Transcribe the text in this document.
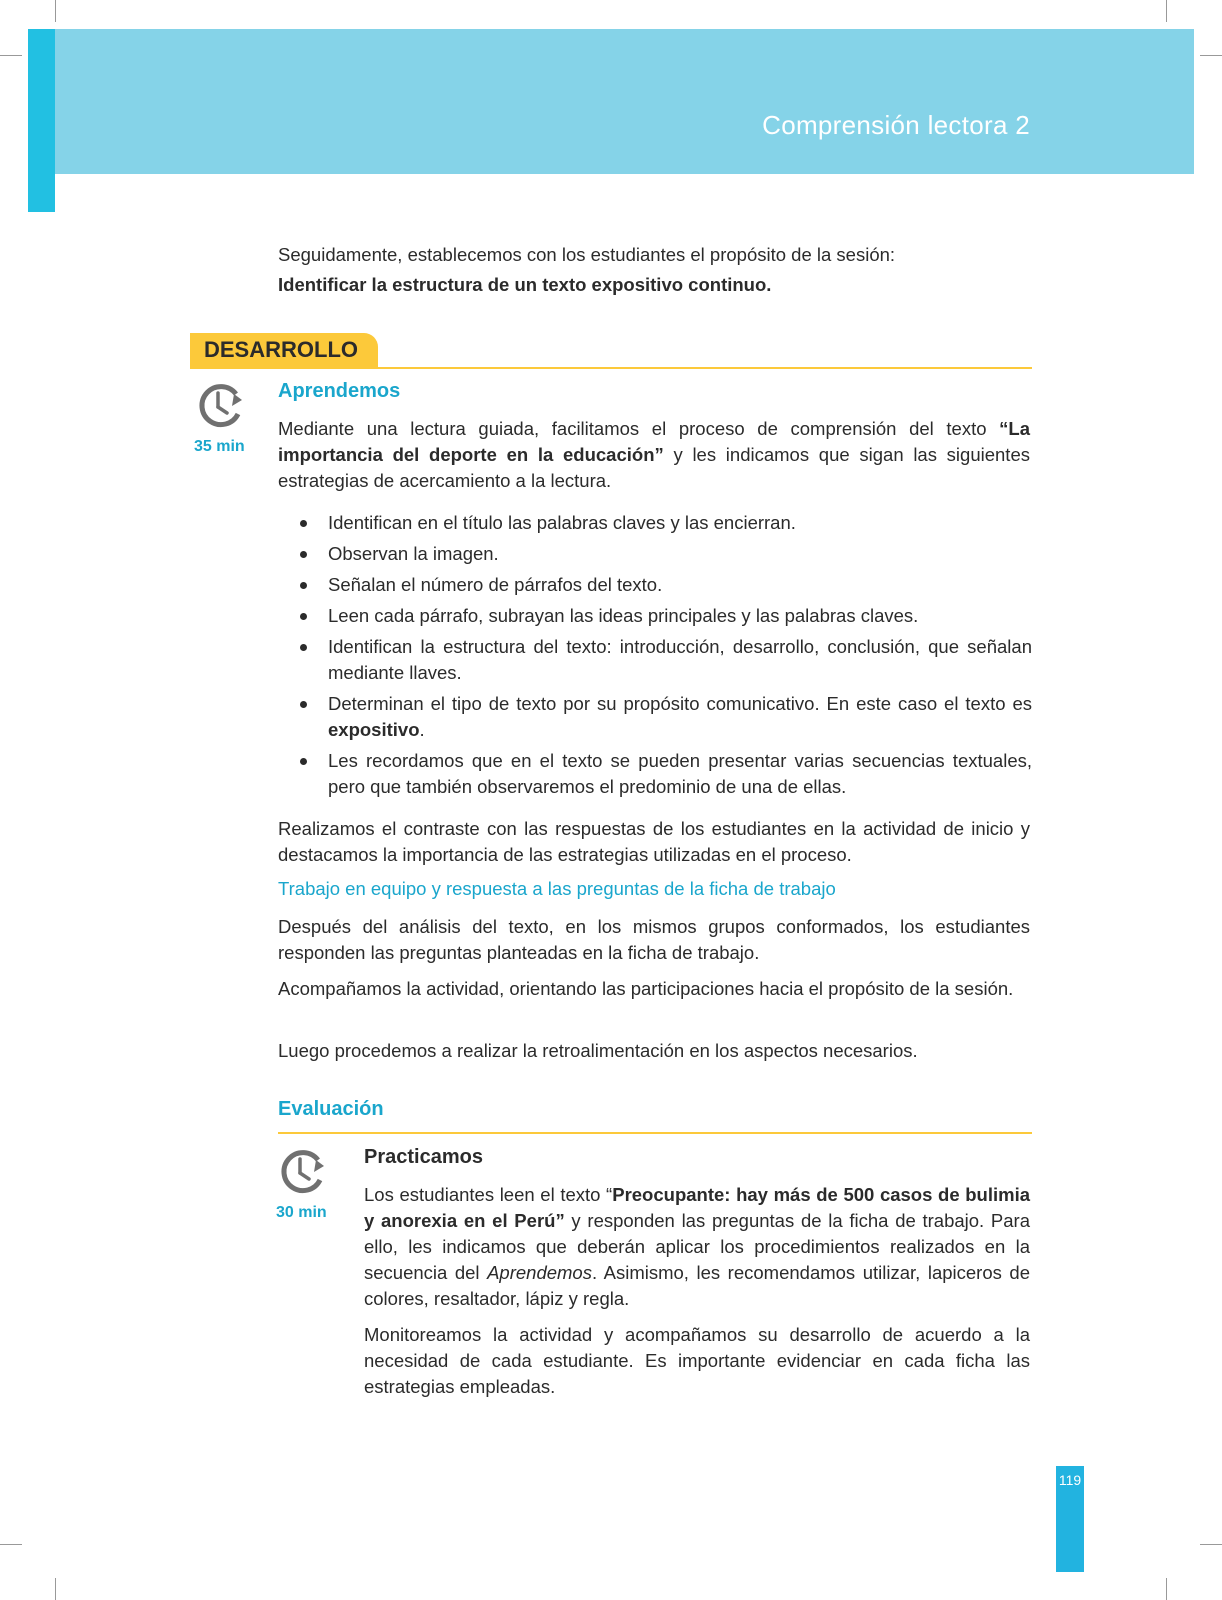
Comprensión lectora 2

Seguidamente, establecemos con los estudiantes el propósito de la sesión:

Identificar la estructura de un texto expositivo continuo.

DESARROLLO
35 min
Aprendemos

Mediante una lectura guiada, facilitamos el proceso de comprensión del texto “La importancia del deporte en la educación” y les indicamos que sigan las siguientes estrategias de acercamiento a la lectura.

Identifican en el título las palabras claves y las encierran.
Observan la imagen.
Señalan el número de párrafos del texto.
Leen cada párrafo, subrayan las ideas principales y las palabras claves.
Identifican la estructura del texto: introducción, desarrollo, conclusión, que señalan mediante llaves.
Determinan el tipo de texto por su propósito comunicativo. En este caso el texto es expositivo.
Les recordamos que en el texto se pueden presentar varias secuencias textuales, pero que también observaremos el predominio de una de ellas.

Realizamos el contraste con las respuestas de los estudiantes en la actividad de inicio y destacamos la importancia de las estrategias utilizadas en el proceso.

Trabajo en equipo y respuesta a las preguntas de la ficha de trabajo

Después del análisis del texto, en los mismos grupos conformados, los estudiantes responden las preguntas planteadas en la ficha de trabajo.

Acompañamos la actividad, orientando las participaciones hacia el propósito de la sesión.

Luego procedemos a realizar la retroalimentación en los aspectos necesarios.

Evaluación
30 min
Practicamos

Los estudiantes leen el texto “Preocupante: hay más de 500 casos de bulimia y anorexia en el Perú” y responden las preguntas de la ficha de trabajo. Para ello, les indicamos que deberán aplicar los procedimientos realizados en la secuencia del Aprendemos. Asimismo, les recomendamos utilizar, lapiceros de colores, resaltador, lápiz y regla.

Monitoreamos la actividad y acompañamos su desarrollo de acuerdo a la necesidad de cada estudiante. Es importante evidenciar en cada ficha las estrategias empleadas.

119
